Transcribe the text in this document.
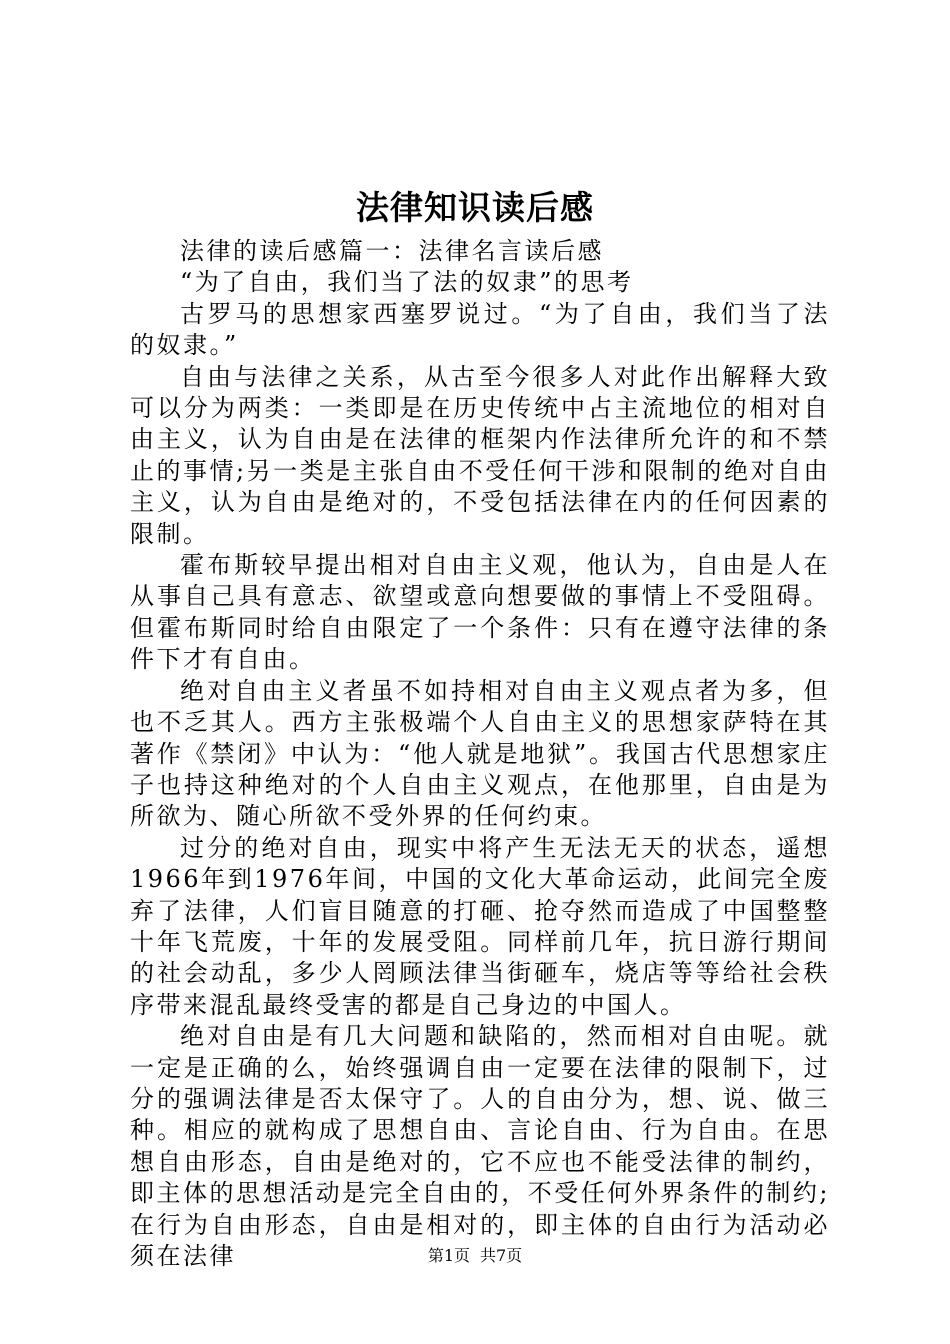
法律知识读后感

法律的读后感篇一：法律名言读后感

“为了自由，我们当了法的奴隶”的思考

古罗马的思想家西塞罗说过。“为了自由，我们当了法的奴隶。”

自由与法律之关系，从古至今很多人对此作出解释大致可以分为两类：一类即是在历史传统中占主流地位的相对自由主义，认为自由是在法律的框架内作法律所允许的和不禁止的事情;另一类是主张自由不受任何干涉和限制的绝对自由主义，认为自由是绝对的，不受包括法律在内的任何因素的限制。

霍布斯较早提出相对自由主义观，他认为，自由是人在从事自己具有意志、欲望或意向想要做的事情上不受阻碍。但霍布斯同时给自由限定了一个条件：只有在遵守法律的条件下才有自由。

绝对自由主义者虽不如持相对自由主义观点者为多，但也不乏其人。西方主张极端个人自由主义的思想家萨特在其著作《禁闭》中认为：“他人就是地狱”。我国古代思想家庄子也持这种绝对的个人自由主义观点，在他那里，自由是为所欲为、随心所欲不受外界的任何约束。

过分的绝对自由，现实中将产生无法无天的状态，遥想1966年到1976年间，中国的文化大革命运动，此间完全废弃了法律，人们盲目随意的打砸、抢夺然而造成了中国整整十年飞荒废，十年的发展受阻。同样前几年，抗日游行期间的社会动乱，多少人罔顾法律当街砸车，烧店等等给社会秩序带来混乱最终受害的都是自己身边的中国人。

绝对自由是有几大问题和缺陷的，然而相对自由呢。就一定是正确的么，始终强调自由一定要在法律的限制下，过分的强调法律是否太保守了。人的自由分为，想、说、做三种。相应的就构成了思想自由、言论自由、行为自由。在思想自由形态，自由是绝对的，它不应也不能受法律的制约，即主体的思想活动是完全自由的，不受任何外界条件的制约;在行为自由形态，自由是相对的，即主体的自由行为活动必须在法律	第1页 共7页
